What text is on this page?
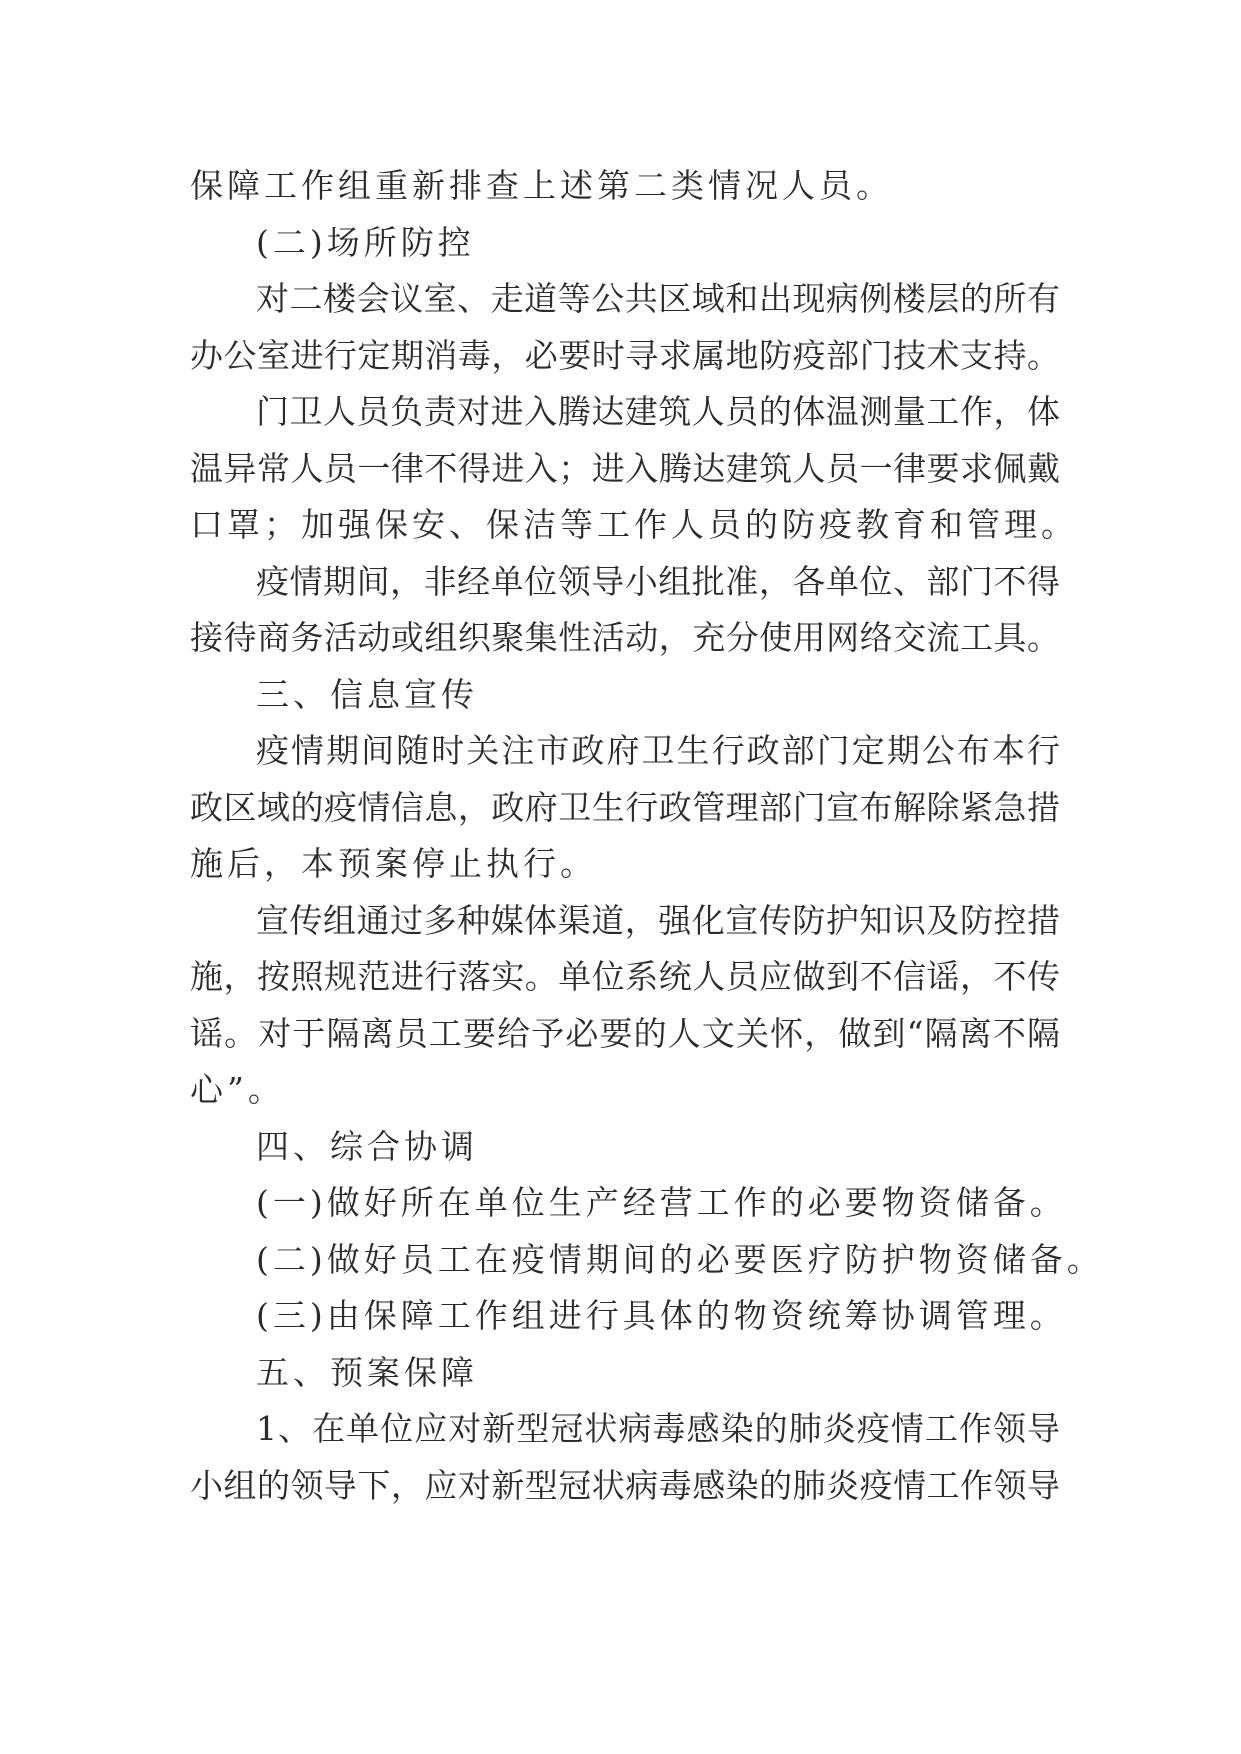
保障工作组重新排查上述第二类情况人员。
(二)场所防控
对二楼会议室、走道等公共区域和出现病例楼层的所有
办公室进行定期消毒，必要时寻求属地防疫部门技术支持。
门卫人员负责对进入腾达建筑人员的体温测量工作，体
温异常人员一律不得进入；进入腾达建筑人员一律要求佩戴
口罩；加强保安、保洁等工作人员的防疫教育和管理。
疫情期间，非经单位领导小组批准，各单位、部门不得
接待商务活动或组织聚集性活动，充分使用网络交流工具。
三、信息宣传
疫情期间随时关注市政府卫生行政部门定期公布本行
政区域的疫情信息，政府卫生行政管理部门宣布解除紧急措
施后，本预案停止执行。
宣传组通过多种媒体渠道，强化宣传防护知识及防控措
施，按照规范进行落实。单位系统人员应做到不信谣，不传
谣。对于隔离员工要给予必要的人文关怀，做到“隔离不隔
心”。
四、综合协调
(一)做好所在单位生产经营工作的必要物资储备。
(二)做好员工在疫情期间的必要医疗防护物资储备。
(三)由保障工作组进行具体的物资统筹协调管理。
五、预案保障
1、在单位应对新型冠状病毒感染的肺炎疫情工作领导
小组的领导下，应对新型冠状病毒感染的肺炎疫情工作领导
